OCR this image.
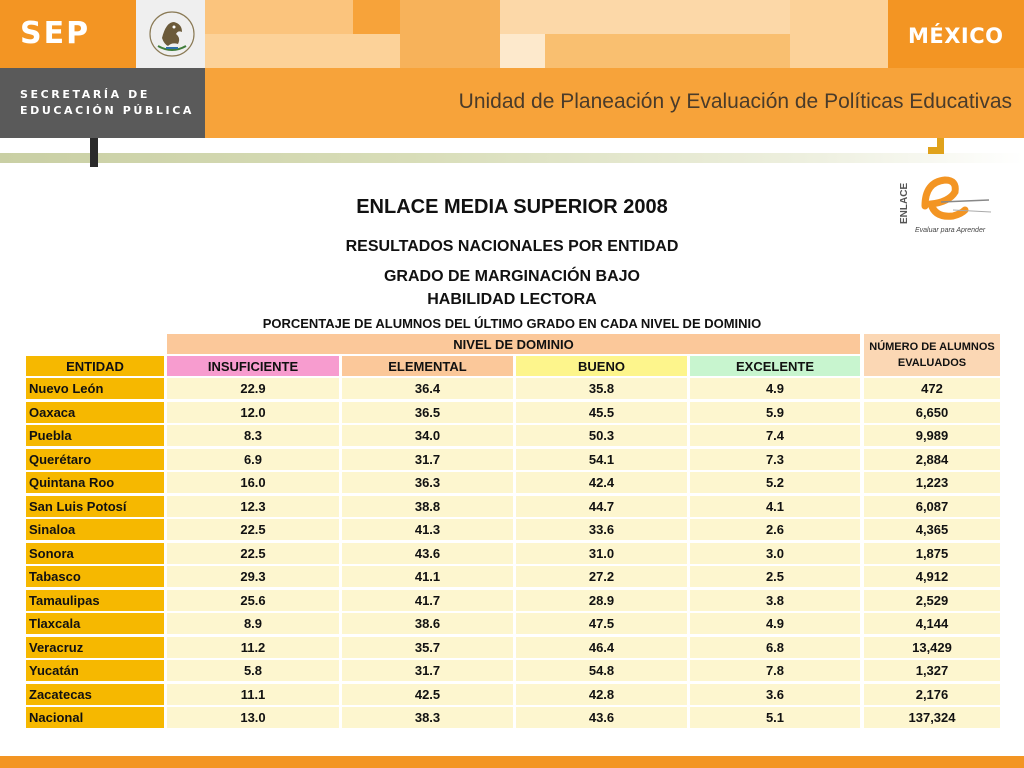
SEP	MÉXICO
SECRETARÍA DE
EDUCACIÓN PÚBLICA	Unidad de Planeación y Evaluación de Políticas Educativas
ENLACE
Evaluar para Aprender
ENLACE MEDIA SUPERIOR 2008
RESULTADOS NACIONALES POR ENTIDAD
GRADO DE MARGINACIÓN BAJO
HABILIDAD LECTORA
PORCENTAJE DE ALUMNOS DEL ÚLTIMO GRADO EN CADA NIVEL DE DOMINIO
NIVEL DE DOMINIO	NÚMERO DE ALUMNOS
EVALUADOS
ENTIDAD	INSUFICIENTE	ELEMENTAL	BUENO	EXCELENTE
Nuevo León	22.9	36.4	35.8	4.9	472
Oaxaca	12.0	36.5	45.5	5.9	6,650
Puebla	8.3	34.0	50.3	7.4	9,989
Querétaro	6.9	31.7	54.1	7.3	2,884
Quintana Roo	16.0	36.3	42.4	5.2	1,223
San Luis Potosí	12.3	38.8	44.7	4.1	6,087
Sinaloa	22.5	41.3	33.6	2.6	4,365
Sonora	22.5	43.6	31.0	3.0	1,875
Tabasco	29.3	41.1	27.2	2.5	4,912
Tamaulipas	25.6	41.7	28.9	3.8	2,529
Tlaxcala	8.9	38.6	47.5	4.9	4,144
Veracruz	11.2	35.7	46.4	6.8	13,429
Yucatán	5.8	31.7	54.8	7.8	1,327
Zacatecas	11.1	42.5	42.8	3.6	2,176
Nacional	13.0	38.3	43.6	5.1	137,324
